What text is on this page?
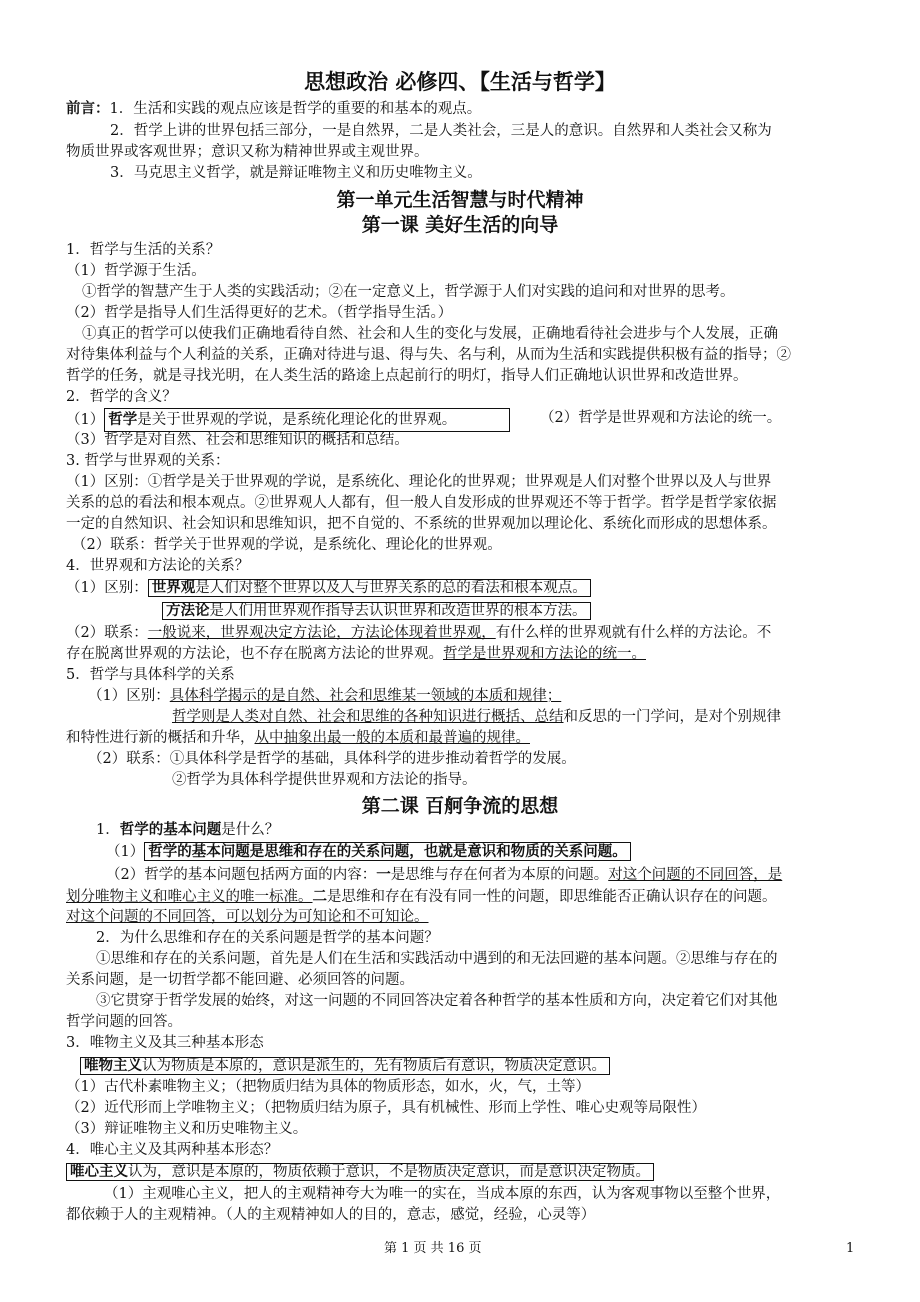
思想政治 必修四、【生活与哲学】
前言：1．生活和实践的观点应该是哲学的重要的和基本的观点。
2．哲学上讲的世界包括三部分，一是自然界，二是人类社会，三是人的意识。自然界和人类社会又称为
物质世界或客观世界；意识又称为精神世界或主观世界。
3．马克思主义哲学，就是辩证唯物主义和历史唯物主义。
第一单元生活智慧与时代精神
第一课 美好生活的向导
1．哲学与生活的关系？
（1）哲学源于生活。
①哲学的智慧产生于人类的实践活动；②在一定意义上，哲学源于人们对实践的追问和对世界的思考。
（2）哲学是指导人们生活得更好的艺术。（哲学指导生活。）
①真正的哲学可以使我们正确地看待自然、社会和人生的变化与发展，正确地看待社会进步与个人发展，正确
对待集体利益与个人利益的关系，正确对待进与退、得与失、名与利，从而为生活和实践提供积极有益的指导；②
哲学的任务，就是寻找光明，在人类生活的路途上点起前行的明灯，指导人们正确地认识世界和改造世界。
2．哲学的含义？
（1） 哲学是关于世界观的学说，是系统化理论化的世界观。	（2）哲学是世界观和方法论的统一。
（3）哲学是对自然、社会和思维知识的概括和总结。
3. 哲学与世界观的关系：
（1）区别：①哲学是关于世界观的学说，是系统化、理论化的世界观；世界观是人们对整个世界以及人与世界
关系的总的看法和根本观点。②世界观人人都有，但一般人自发形成的世界观还不等于哲学。哲学是哲学家依据
一定的自然知识、社会知识和思维知识，把不自觉的、不系统的世界观加以理论化、系统化而形成的思想体系。
（2）联系：哲学关于世界观的学说，是系统化、理论化的世界观。
4．世界观和方法论的关系？
（1）区别： 世界观是人们对整个世界以及人与世界关系的总的看法和根本观点。
方法论是人们用世界观作指导去认识世界和改造世界的根本方法。
（2）联系：一般说来，世界观决定方法论，方法论体现着世界观，有什么样的世界观就有什么样的方法论。不
存在脱离世界观的方法论，也不存在脱离方法论的世界观。哲学是世界观和方法论的统一。
5．哲学与具体科学的关系
（1）区别：具体科学揭示的是自然、社会和思维某一领域的本质和规律；
哲学则是人类对自然、社会和思维的各种知识进行概括、总结和反思的一门学问，是对个别规律
和特性进行新的概括和升华，从中抽象出最一般的本质和最普遍的规律。
（2）联系：①具体科学是哲学的基础，具体科学的进步推动着哲学的发展。
②哲学为具体科学提供世界观和方法论的指导。
第二课 百舸争流的思想
1．哲学的基本问题是什么？
（1） 哲学的基本问题是思维和存在的关系问题，也就是意识和物质的关系问题。
（2）哲学的基本问题包括两方面的内容：一是思维与存在何者为本原的问题。对这个问题的不同回答，是
划分唯物主义和唯心主义的唯一标准。二是思维和存在有没有同一性的问题，即思维能否正确认识存在的问题。
对这个问题的不同回答，可以划分为可知论和不可知论。
2．为什么思维和存在的关系问题是哲学的基本问题？
①思维和存在的关系问题，首先是人们在生活和实践活动中遇到的和无法回避的基本问题。②思维与存在的
关系问题，是一切哲学都不能回避、必须回答的问题。
③它贯穿于哲学发展的始终，对这一问题的不同回答决定着各种哲学的基本性质和方向，决定着它们对其他
哲学问题的回答。
3．唯物主义及其三种基本形态
唯物主义认为物质是本原的，意识是派生的，先有物质后有意识，物质决定意识。
（1）古代朴素唯物主义；（把物质归结为具体的物质形态，如水，火，气，土等）
（2）近代形而上学唯物主义；（把物质归结为原子，具有机械性、形而上学性、唯心史观等局限性）
（3）辩证唯物主义和历史唯物主义。
4．唯心主义及其两种基本形态？
唯心主义认为，意识是本原的，物质依赖于意识，不是物质决定意识，而是意识决定物质。
（1）主观唯心主义，把人的主观精神夸大为唯一的实在，当成本原的东西，认为客观事物以至整个世界，
都依赖于人的主观精神。（人的主观精神如人的目的，意志，感觉，经验，心灵等）
第 1 页 共 16 页	1
